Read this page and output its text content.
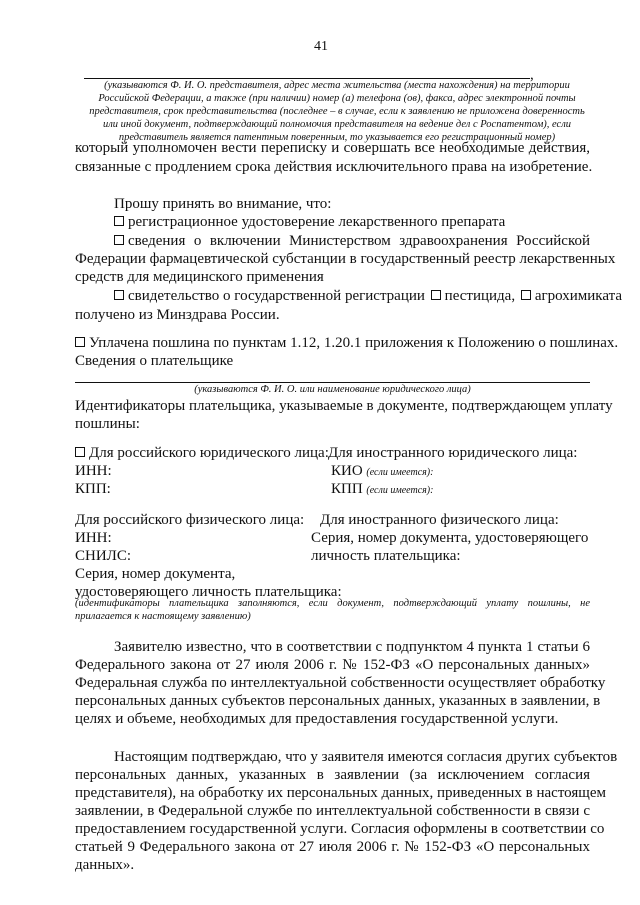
41
,
(указываются Ф. И. О. представителя, адрес места жительства (места нахождения) на территории
Российской Федерации, а также (при наличии) номер (а) телефона (ов), факса, адрес электронной почты
представителя, срок представительства (последнее – в случае, если к заявлению не приложена доверенность
или иной документ, подтверждающий полномочия представителя на ведение дел с Роспатентом), если
представитель является патентным поверенным, то указывается его регистрационный номер)
который уполномочен вести переписку и совершать все необходимые действия,
связанные с продлением срока действия исключительного права на изобретение.
Прошу принять во внимание, что:
регистрационное удостоверение лекарственного препарата
сведения о включении Министерством здравоохранения Российской
Федерации фармацевтической субстанции в государственный реестр лекарственных
средств для медицинского применения
свидетельство о государственной регистрации пестицида, агрохимиката
получено из Минздрава России.
Уплачена пошлина по пунктам 1.12, 1.20.1 приложения к Положению о пошлинах.
Сведения о плательщике
(указываются Ф. И. О. или наименование юридического лица)
Идентификаторы плательщика, указываемые в документе, подтверждающем уплату
пошлины:
Для российского юридического лица:
ИНН:
КПП:
Для иностранного юридического лица:
КИО (если имеется):
КПП (если имеется):
Для российского физического лица:
ИНН:
СНИЛС:
Серия, номер документа,
удостоверяющего личность плательщика:
Для иностранного физического лица:
Серия, номер документа, удостоверяющего
личность плательщика:
(идентификаторы плательщика заполняются, если документ, подтверждающий уплату пошлины, не
прилагается к настоящему заявлению)
Заявителю известно, что в соответствии с подпунктом 4 пункта 1 статьи 6
Федерального закона от 27 июля 2006 г. № 152-ФЗ «О персональных данных»
Федеральная служба по интеллектуальной собственности осуществляет обработку
персональных данных субъектов персональных данных, указанных в заявлении, в
целях и объеме, необходимых для предоставления государственной услуги.
Настоящим подтверждаю, что у заявителя имеются согласия других субъектов
персональных данных, указанных в заявлении (за исключением согласия
представителя), на обработку их персональных данных, приведенных в настоящем
заявлении, в Федеральной службе по интеллектуальной собственности в связи с
предоставлением государственной услуги. Согласия оформлены в соответствии со
статьей 9 Федерального закона от 27 июля 2006 г. № 152-ФЗ «О персональных
данных».
